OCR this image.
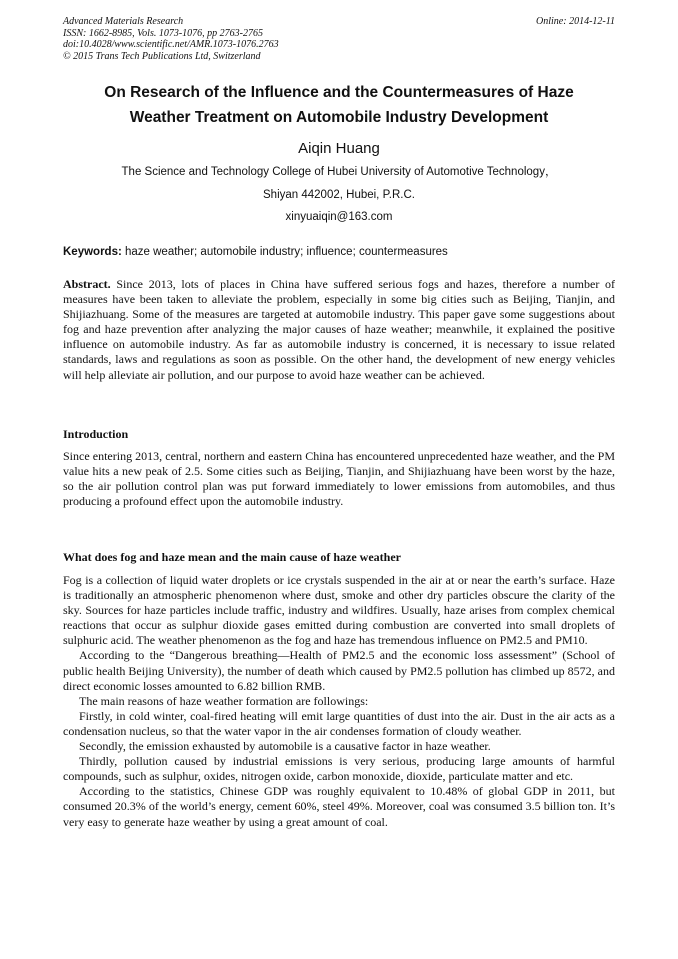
Advanced Materials Research
ISSN: 1662-8985, Vols. 1073-1076, pp 2763-2765
doi:10.4028/www.scientific.net/AMR.1073-1076.2763
© 2015 Trans Tech Publications Ltd, Switzerland
Online: 2014-12-11
On Research of the Influence and the Countermeasures of Haze
Weather Treatment on Automobile Industry Development
Aiqin Huang
The Science and Technology College of Hubei University of Automotive Technology，
Shiyan 442002, Hubei, P.R.C.
xinyuaiqin@163.com
Keywords: haze weather; automobile industry; influence; countermeasures

Abstract. Since 2013, lots of places in China have suffered serious fogs and hazes, therefore a number of measures have been taken to alleviate the problem, especially in some big cities such as Beijing, Tianjin, and Shijiazhuang. Some of the measures are targeted at automobile industry. This paper gave some suggestions about fog and haze prevention after analyzing the major causes of haze weather; meanwhile, it explained the positive influence on automobile industry. As far as automobile industry is concerned, it is necessary to issue related standards, laws and regulations as soon as possible. On the other hand, the development of new energy vehicles will help alleviate air pollution, and our purpose to avoid haze weather can be achieved.

Introduction

Since entering 2013, central, northern and eastern China has encountered unprecedented haze weather, and the PM value hits a new peak of 2.5. Some cities such as Beijing, Tianjin, and Shijiazhuang have been worst by the haze, so the air pollution control plan was put forward immediately to lower emissions from automobiles, and thus producing a profound effect upon the automobile industry.

What does fog and haze mean and the main cause of haze weather

Fog is a collection of liquid water droplets or ice crystals suspended in the air at or near the earth’s surface. Haze is traditionally an atmospheric phenomenon where dust, smoke and other dry particles obscure the clarity of the sky. Sources for haze particles include traffic, industry and wildfires. Usually, haze arises from complex chemical reactions that occur as sulphur dioxide gases emitted during combustion are converted into small droplets of sulphuric acid. The weather phenomenon as the fog and haze has tremendous influence on PM2.5 and PM10.

According to the “Dangerous breathing—Health of PM2.5 and the economic loss assessment” (School of public health Beijing University), the number of death which caused by PM2.5 pollution has climbed up 8572, and direct economic losses amounted to 6.82 billion RMB.

The main reasons of haze weather formation are followings:

Firstly, in cold winter, coal-fired heating will emit large quantities of dust into the air. Dust in the air acts as a condensation nucleus, so that the water vapor in the air condenses formation of cloudy weather.

Secondly, the emission exhausted by automobile is a causative factor in haze weather.

Thirdly, pollution caused by industrial emissions is very serious, producing large amounts of harmful compounds, such as sulphur, oxides, nitrogen oxide, carbon monoxide, dioxide, particulate matter and etc.

According to the statistics, Chinese GDP was roughly equivalent to 10.48% of global GDP in 2011, but consumed 20.3% of the world’s energy, cement 60%, steel 49%. Moreover, coal was consumed 3.5 billion ton. It’s very easy to generate haze weather by using a great amount of coal.
